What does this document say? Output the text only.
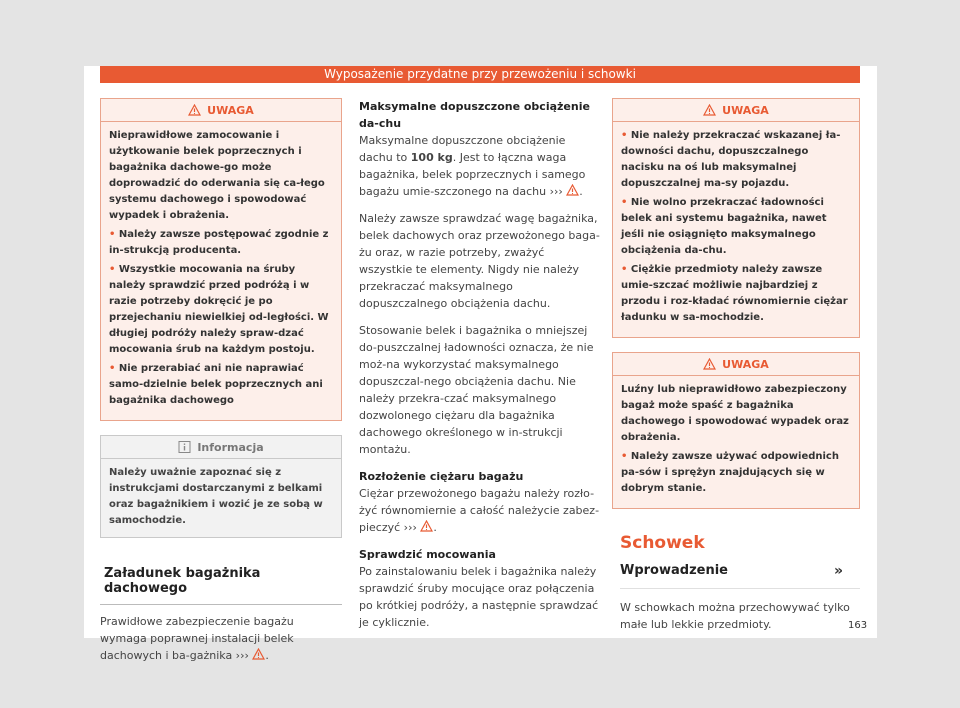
Wyposażenie przydatne przy przewożeniu i schowki
UWAGA

Nieprawidłowe zamocowanie i użytkowanie belek poprzecznych i bagażnika dachowe-go może doprowadzić do oderwania się ca-łego systemu dachowego i spowodować wypadek i obrażenia.

• Należy zawsze postępować zgodnie z in-strukcją producenta.

• Wszystkie mocowania na śruby należy sprawdzić przed podróżą i w razie potrzeby dokręcić je po przejechaniu niewielkiej od-ległości. W długiej podróży należy spraw-dzać mocowania śrub na każdym postoju.

• Nie przerabiać ani nie naprawiać samo-dzielnie belek poprzecznych ani bagażnika dachowego

Informacja
Należy uważnie zapoznać się z instrukcjami dostarczanymi z belkami oraz bagażnikiem i wozić je ze sobą w samochodzie.
Załadunek bagażnika dachowego

Prawidłowe zabezpieczenie bagażu wymaga poprawnej instalacji belek dachowych i ba-gażnika ››› .

Maksymalne dopuszczone obciążenie da-chu

Maksymalne dopuszczone obciążenie dachu to 100 kg. Jest to łączna waga bagażnika, belek poprzecznych i samego bagażu umie-szczonego na dachu ››› .

Należy zawsze sprawdzać wagę bagażnika, belek dachowych oraz przewożonego baga-żu oraz, w razie potrzeby, zważyć wszystkie te elementy. Nigdy nie należy przekraczać maksymalnego dopuszczalnego obciążenia dachu.

Stosowanie belek i bagażnika o mniejszej do-puszczalnej ładowności oznacza, że nie moż-na wykorzystać maksymalnego dopuszczal-nego obciążenia dachu. Nie należy przekra-czać maksymalnego dozwolonego ciężaru dla bagażnika dachowego określonego w in-strukcji montażu.

Rozłożenie ciężaru bagażu

Ciężar przewożonego bagażu należy rozło-żyć równomiernie a całość należycie zabez-pieczyć ››› .

Sprawdzić mocowania

Po zainstalowaniu belek i bagażnika należy sprawdzić śruby mocujące oraz połączenia po krótkiej podróży, a następnie sprawdzać je cyklicznie.

UWAGA

• Nie należy przekraczać wskazanej ła-downości dachu, dopuszczalnego nacisku na oś lub maksymalnej dopuszczalnej ma-sy pojazdu.

• Nie wolno przekraczać ładowności belek ani systemu bagażnika, nawet jeśli nie osiągnięto maksymalnego obciążenia da-chu.

• Ciężkie przedmioty należy zawsze umie-szczać możliwie najbardziej z przodu i roz-kładać równomiernie ciężar ładunku w sa-mochodzie.

UWAGA

Luźny lub nieprawidłowo zabezpieczony bagaż może spaść z bagażnika dachowego i spowodować wypadek oraz obrażenia.

• Należy zawsze używać odpowiednich pa-sów i sprężyn znajdujących się w dobrym stanie.

Schowek
Wprowadzenie

W schowkach można przechowywać tylko małe lub lekkie przedmioty.

»
163
